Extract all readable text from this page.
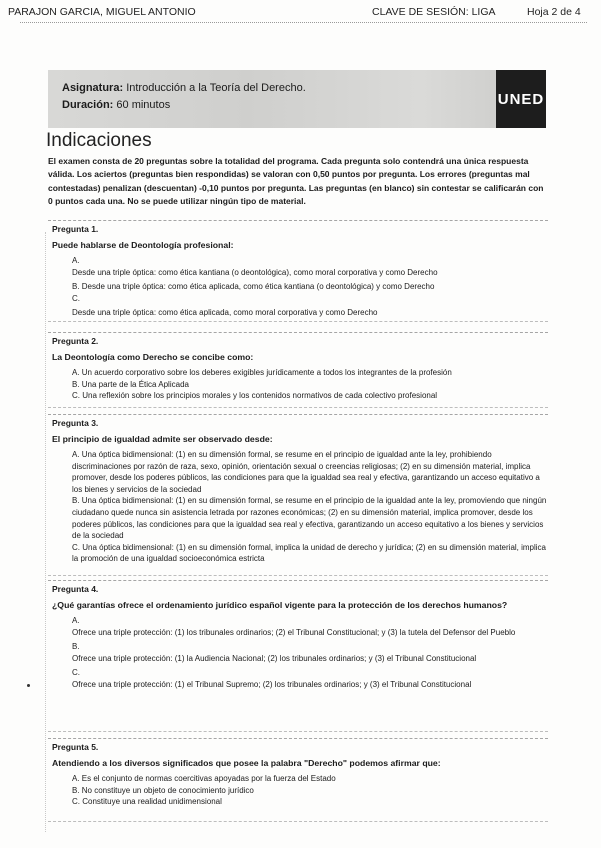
PARAJON GARCIA, MIGUEL ANTONIO	CLAVE DE SESIÓN: LIGA	Hoja 2 de 4
Asignatura: Introducción a la Teoría del Derecho.
Duración: 60 minutos	UNED
Indicaciones
El examen consta de 20 preguntas sobre la totalidad del programa. Cada pregunta solo contendrá una única respuesta válida. Los aciertos (preguntas bien respondidas) se valoran con 0,50 puntos por pregunta. Los errores (preguntas mal contestadas) penalizan (descuentan) -0,10 puntos por pregunta. Las preguntas (en blanco) sin contestar se calificarán con 0 puntos cada una. No se puede utilizar ningún tipo de material.
Pregunta 1.
Puede hablarse de Deontología profesional:
A.
Desde una triple óptica: como ética kantiana (o deontológica), como moral corporativa y como Derecho
B. Desde una triple óptica: como ética aplicada, como ética kantiana (o deontológica) y como Derecho
C.
Desde una triple óptica: como ética aplicada, como moral corporativa y como Derecho
Pregunta 2.
La Deontología como Derecho se concibe como:
A. Un acuerdo corporativo sobre los deberes exigibles jurídicamente a todos los integrantes de la profesión
B. Una parte de la Ética Aplicada
C. Una reflexión sobre los principios morales y los contenidos normativos de cada colectivo profesional
Pregunta 3.
El principio de igualdad admite ser observado desde:
A. Una óptica bidimensional: (1) en su dimensión formal, se resume en el principio de igualdad ante la ley, prohibiendo discriminaciones por razón de raza, sexo, opinión, orientación sexual o creencias religiosas; (2) en su dimensión material, implica promover, desde los poderes públicos, las condiciones para que la igualdad sea real y efectiva, garantizando un acceso equitativo a los bienes y servicios de la sociedad
B. Una óptica bidimensional: (1) en su dimensión formal, se resume en el principio de la igualdad ante la ley, promoviendo que ningún ciudadano quede nunca sin asistencia letrada por razones económicas; (2) en su dimensión material, implica promover, desde los poderes públicos, las condiciones para que la igualdad sea real y efectiva, garantizando un acceso equitativo a los bienes y servicios de la sociedad
C. Una óptica bidimensional: (1) en su dimensión formal, implica la unidad de derecho y jurídica; (2) en su dimensión material, implica la promoción de una igualdad socioeconómica estricta
Pregunta 4.
¿Qué garantías ofrece el ordenamiento jurídico español vigente para la protección de los derechos humanos?
A.
Ofrece una triple protección: (1) los tribunales ordinarios; (2) el Tribunal Constitucional; y (3) la tutela del Defensor del Pueblo
B.
Ofrece una triple protección: (1) la Audiencia Nacional; (2) los tribunales ordinarios; y (3) el Tribunal Constitucional
C.
Ofrece una triple protección: (1) el Tribunal Supremo; (2) los tribunales ordinarios; y (3) el Tribunal Constitucional
Pregunta 5.
Atendiendo a los diversos significados que posee la palabra "Derecho" podemos afirmar que:
A. Es el conjunto de normas coercitivas apoyadas por la fuerza del Estado
B. No constituye un objeto de conocimiento jurídico
C. Constituye una realidad unidimensional
